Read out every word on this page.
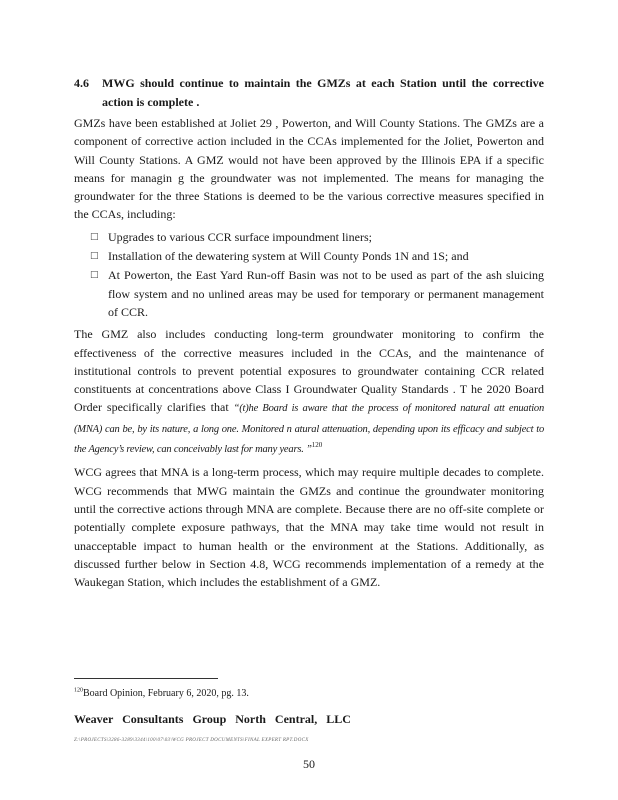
4.6	MWG should continue to maintain the GMZs at each Station until the corrective action is complete .

GMZs have been established at Joliet 29 , Powerton, and Will County Stations. The GMZs are a component of corrective action included in the CCAs implemented for the Joliet, Powerton and Will County Stations. A GMZ would not have been approved by the Illinois EPA if a specific means for managin g the groundwater was not implemented. The means for managing the groundwater for the three Stations is deemed to be the various corrective measures specified in the CCAs, including:

□ Upgrades to various CCR surface impoundment liners;
□ Installation of the dewatering system at Will County Ponds 1N and 1S; and
□ At Powerton, the East Yard Run-off Basin was not to be used as part of the ash sluicing flow system and no unlined areas may be used for temporary or permanent management of CCR.

The GMZ also includes conducting long-term groundwater monitoring to confirm the effectiveness of the corrective measures included in the CCAs, and the maintenance of institutional controls to prevent potential exposures to groundwater containing CCR related constituents at concentrations above Class I Groundwater Quality Standards . T he 2020 Board Order specifically clarifies that “(t)he Board is aware that the process of monitored natural att enuation (MNA) can be, by its nature, a long one. Monitored n atural attenuation, depending upon its efficacy and subject to the Agency’s review, can conceivably last for many years. ”$^{120}$

WCG agrees that MNA is a long-term process, which may require multiple decades to complete. WCG recommends that MWG maintain the GMZs and continue the groundwater monitoring until the corrective actions through MNA are complete. Because there are no off-site complete or potentially complete exposure pathways, that the MNA may take time would not result in unacceptable impact to human health or the environment at the Stations. Additionally, as discussed further below in Section 4.8, WCG recommends implementation of a remedy at the Waukegan Station, which includes the establishment of a GMZ.

$^{120}$Board Opinion, February 6, 2020, pg. 13.
Weaver Consultants Group North Central, LLC
Z:\PROJECTS\3286-3289\3344\100\07\03\WCG PROJECT DOCUMENTS\FINAL EXPERT RPT.DOCX
50
